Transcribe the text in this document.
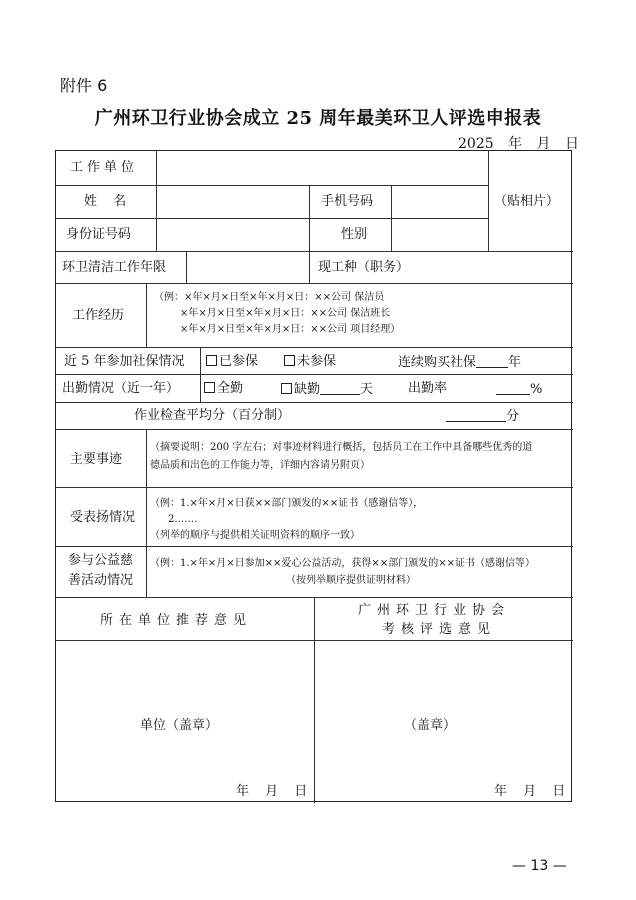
附件 6
广州环卫行业协会成立 25 周年最美环卫人评选申报表
2025 年 月 日
工作单位
（贴相片）
姓 名	手机号码
身份证号码	性别
环卫清洁工作年限	现工种（职务）
工作经历
（例：×年×月×日至×年×月×日：××公司 保洁员
×年×月×日至×年×月×日：××公司 保洁班长
×年×月×日至×年×月×日：××公司 项目经理）
近 5 年参加社保情况	已参保	未参保	连续购买社保 年
出勤情况（近一年）	全勤	缺勤	天	出勤率	%
作业检查平均分（百分制）	分
主要事迹
（摘要说明：200 字左右；对事迹材料进行概括，包括员工在工作中具备哪些优秀的道
德品质和出色的工作能力等，详细内容请另附页）
受表扬情况
（例：1.×年×月×日获××部门颁发的××证书（感谢信等），
2.……
（列举的顺序与提供相关证明资料的顺序一致）
参与公益慈
善活动情况
（例：1.×年×月×日参加××爱心公益活动，获得××部门颁发的××证书（感谢信等）
（按列举顺序提供证明材料）
所在单位推荐意见
广州环卫行业协会
考核评选意见
单位（盖章）	（盖章）
年 月 日	年 月 日
— 13 —
